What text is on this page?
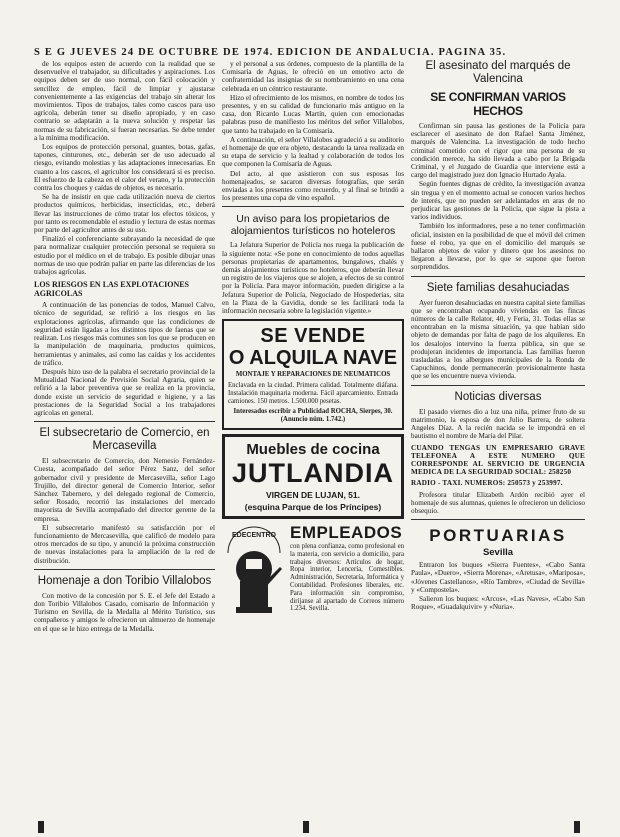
S E G JUEVES 24 DE OCTUBRE DE 1974. EDICION DE ANDALUCIA. PAGINA 35.

de los equipos esten de acuerdo con la realidad que se desenvuelve el trabajador, su dificultades y aspiraciones. Los equipos deben ser de uso normal, con fácil colocación y sencillez de empleo, fácil de limpiar y ajustarse convenientemente a las exigencias del trabajo sin alterar los movimientos. Tipos de trabajos, tales como cascos para uso agrícola, deberán tener su diseño apropiado, y en caso contrario se adaptarán a la nueva solución y respetar las normas de su fabricación, si fueran necesarias. Se debe tender a la mínima modificación.

Los equipos de protección personal, guantes, botas, gafas, tapones, cinturones, etc., deberán ser de uso adecuado al riesgo, evitando molestias y las adaptaciones innecesarias. En cuanto a los cascos, el agricultor los considerará si es preciso. El esfuerzo de la cabeza en el calor del verano, y la protección contra los choques y caídas de objetos, es necesario.

Se ha de insistir en que cada utilización nueva de ciertos productos químicos, herbicidas, insecticidas, etc., deberá llevar las instrucciones de cómo tratar los efectos tóxicos, y por tanto es recomendable el estudio y lectura de estas normas por parte del agricultor antes de su uso.

Finalizó el conferenciante subrayando la necesidad de que para normalizar cualquier protección personal se requiera su estudio por el médico en el de trabajo. Es posible dibujar unas normas de uso que podrán paliar en parte las diferencias de los trabajos agrícolas.

LOS RIESGOS EN LAS EXPLOTACIONES AGRICOLAS

A continuación de las ponencias de todos, Manuel Calvo, técnico de seguridad, se refirió a los riesgos en las explotaciones agrícolas, afirmando que las condiciones de seguridad están ligadas a los distintos tipos de faenas que se realizan. Los riesgos más comunes son los que se producen en la manipulación de maquinaria, productos químicos, herramientas y animales, así como las caídas y los accidentes de tráfico.

Después hizo uso de la palabra el secretario provincial de la Mutualidad Nacional de Previsión Social Agraria, quien se refirió a la labor preventiva que se realiza en la provincia, donde existe un servicio de seguridad e higiene, y a las prestaciones de la Seguridad Social a los trabajadores agrícolas en general.

El subsecretario de Comercio, en Mercasevilla

El subsecretario de Comercio, don Nemesio Fernández-Cuesta, acompañado del señor Pérez Sanz, del señor gobernador civil y presidente de Mercasevilla, señor Lago Trujillo, del director general de Comercio Interior, señor Sánchez Tabernero, y del delegado regional de Comercio, señor Rosado, recorrió las instalaciones del mercado mayorista de Sevilla acompañado del director gerente de la empresa.

El subsecretario manifestó su satisfacción por el funcionamiento de Mercasevilla, que calificó de modelo para otros mercados de su tipo, y anunció la próxima construcción de nuevas instalaciones para la ampliación de la red de distribución.

Homenaje a don Toribio Villalobos

Con motivo de la concesión por S. E. el Jefe del Estado a don Toribio Villalobos Casado, comisario de Información y Turismo en Sevilla, de la Medalla al Mérito Turístico, sus compañeros y amigos le ofrecieron un almuerzo de homenaje en el que se le hizo entrega de la Medalla.

y el personal a sus órdenes, compuesto de la plantilla de la Comisaría de Aguas, le ofreció en un emotivo acto de confraternidad las insignias de su nombramiento en una cena celebrada en un céntrico restaurante.

Hizo el ofrecimiento de los mismos, en nombre de todos los presentes, y en su calidad de funcionario más antiguo en la casa, don Ricardo Lucas Martín, quien con emocionadas palabras puso de manifiesto los méritos del señor Villalobos, que tanto ha trabajado en la Comisaría.

A continuación, el señor Villalobos agradeció a su auditorio el homenaje de que era objeto, destacando la tarea realizada en su etapa de servicio y la lealtad y colaboración de todos los que componen la Comisaría de Aguas.

Del acto, al que asistieron con sus esposas los homenajeados, se sacaron diversas fotografías, que serán enviadas a los presentes como recuerdo, y al final se brindó a los presentes una copa de vino español.

Un aviso para los propietarios de alojamientos turísticos no hoteleros

La Jefatura Superior de Policía nos ruega la publicación de la siguiente nota: «Se pone en conocimiento de todos aquellas personas propietarias de apartamentos, bungalows, chalés y demás alojamientos turísticos no hoteleros, que deberán llevar un registro de los viajeros que se alojen, a efectos de su control por la Policía. Para mayor información, pueden dirigirse a la Jefatura Superior de Policía, Negociado de Hospederías, sita en la Plaza de la Gavidia, donde se les facilitará toda la información necesaria sobre la legislación vigente.»

SE VENDE
O ALQUILA NAVE
MONTAJE Y REPARACIONES DE NEUMATICOS
Enclavada en la ciudad. Primera calidad. Totalmente diáfana. Instalación maquinaria moderna. Fácil aparcamiento. Entrada camiones. 150 metros. 1.500.000 pesetas.
Interesados escribir a Publicidad ROCHA, Sierpes, 30. (Anuncio núm. 1.742.)
Muebles de cocina
JUTLANDIA
VIRGEN DE LUJAN, 51.
(esquina Parque de los Príncipes)
EDECENTRO EMPLEADOS
con plena confianza, como profesional en la materia, con servicio a domicilio, para trabajos diversos: Artículos de hogar, Ropa interior, Lencería, Comestibles. Administración, Secretaría, Informática y Contabilidad. Profesiones liberales, etc. Para información sin compromiso, diríjanse al apartado de Correos número 1.234. Sevilla.
El asesinato del marqués de Valencina
SE CONFIRMAN VARIOS HECHOS

Confirman sin pausa las gestiones de la Policía para esclarecer el asesinato de don Rafael Santa Jiménez, marqués de Valencina. La investigación de todo hecho criminal cometido con el rigor que una persona de su condición merece, ha sido llevada a cabo por la Brigada Criminal, y el Juzgado de Guardia que interviene está a cargo del magistrado juez don Ignacio Hurtado Ayala.

Según fuentes dignas de crédito, la investigación avanza sin tregua y en el momento actual se conocen varios hechos de interés, que no pueden ser adelantados en aras de no perjudicar las gestiones de la Policía, que sigue la pista a varios individuos.

También los informadores, pese a no tener confirmación oficial, insisten en la posibilidad de que el móvil del crimen fuese el robo, ya que en el domicilio del marqués se hallaron objetos de valor y dinero que los asesinos no llegaron a llevarse, por lo que se supone que fueron sorprendidos.

Siete familias desahuciadas

Ayer fueron desahuciadas en nuestra capital siete familias que se encontraban ocupando viviendas en las fincas números de la calle Relator, 40, y Feria, 31. Todas ellas se encontraban en la misma situación, ya que habían sido objeto de demandas por falta de pago de los alquileres. En los desalojos intervino la fuerza pública, sin que se produjeran incidentes de importancia. Las familias fueron trasladadas a los albergues municipales de la Ronda de Capuchinos, donde permanecerán provisionalmente hasta que se les encuentre nueva vivienda.

Noticias diversas

El pasado viernes dio a luz una niña, primer fruto de su matrimonio, la esposa de don Julio Barrera, de soltera Angeles Díaz. A la recién nacida se le impondrá en el bautismo el nombre de María del Pilar.

CUANDO TENGAS UN EMPRESARIO GRAVE TELEFONEA A ESTE NUMERO QUE CORRESPONDE AL SERVICIO DE URGENCIA MEDICA DE LA SEGURIDAD SOCIAL: 258250

RADIO - TAXI. NUMEROS: 250573 y 253997.

Profesora titular Elizabeth Ardón recibió ayer el homenaje de sus alumnas, quienes le ofrecieron un delicioso obsequio.

PORTUARIAS
Sevilla

Entraron los buques «Sierra Fuentes», «Cabo Santa Paula», «Duero», «Sierra Morena», «Aretusa», «Mariposa», «Jóvenes Castellanos», «Río Tambre», «Ciudad de Sevilla» y «Compostela».

Salieron los buques: «Arcos», «Las Naves», «Cabo San Roque», «Guadalquivir» y «Nuria».
